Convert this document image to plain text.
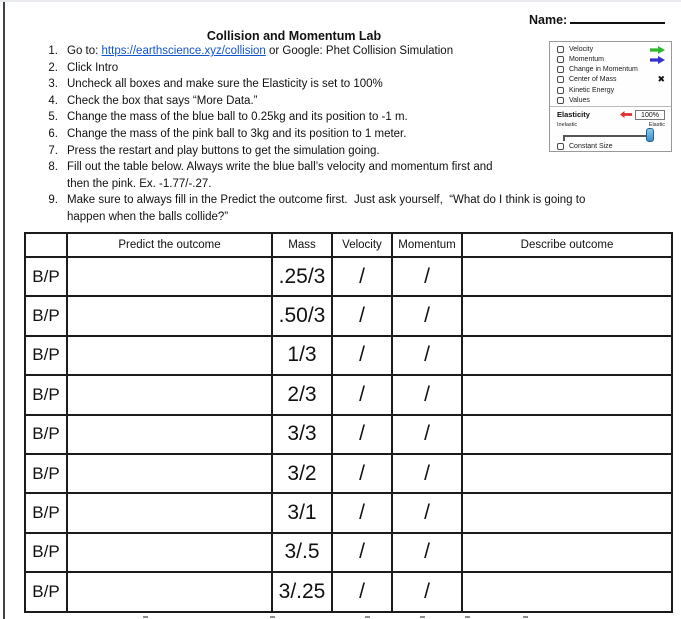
Name:
Collision and Momentum Lab
1. Go to: https://earthscience.xyz/collision or Google: Phet Collision Simulation
2. Click Intro
3. Uncheck all boxes and make sure the Elasticity is set to 100%
4. Check the box that says “More Data.”
5. Change the mass of the blue ball to 0.25kg and its position to -1 m.
6. Change the mass of the pink ball to 3kg and its position to 1 meter.
7. Press the restart and play buttons to get the simulation going.
8. Fill out the table below. Always write the blue ball’s velocity and momentum first and
then the pink. Ex. -1.77/-.27.
9. Make sure to always fill in the Predict the outcome first.  Just ask yourself,  “What do I think is going to
happen when the balls collide?”
Velocity
Momentum
Change in Momentum
Center of Mass	✖
Kinetic Energy
Values
Elasticity	100%
Inelastic	Elastic
Constant Size
	Predict the outcome	Mass	Velocity	Momentum	Describe outcome
B/P		.25/3	/	/	
B/P		.50/3	/	/	
B/P		1/3	/	/	
B/P		2/3	/	/	
B/P		3/3	/	/	
B/P		3/2	/	/	
B/P		3/1	/	/	
B/P		3/.5	/	/	
B/P		3/.25	/	/	
